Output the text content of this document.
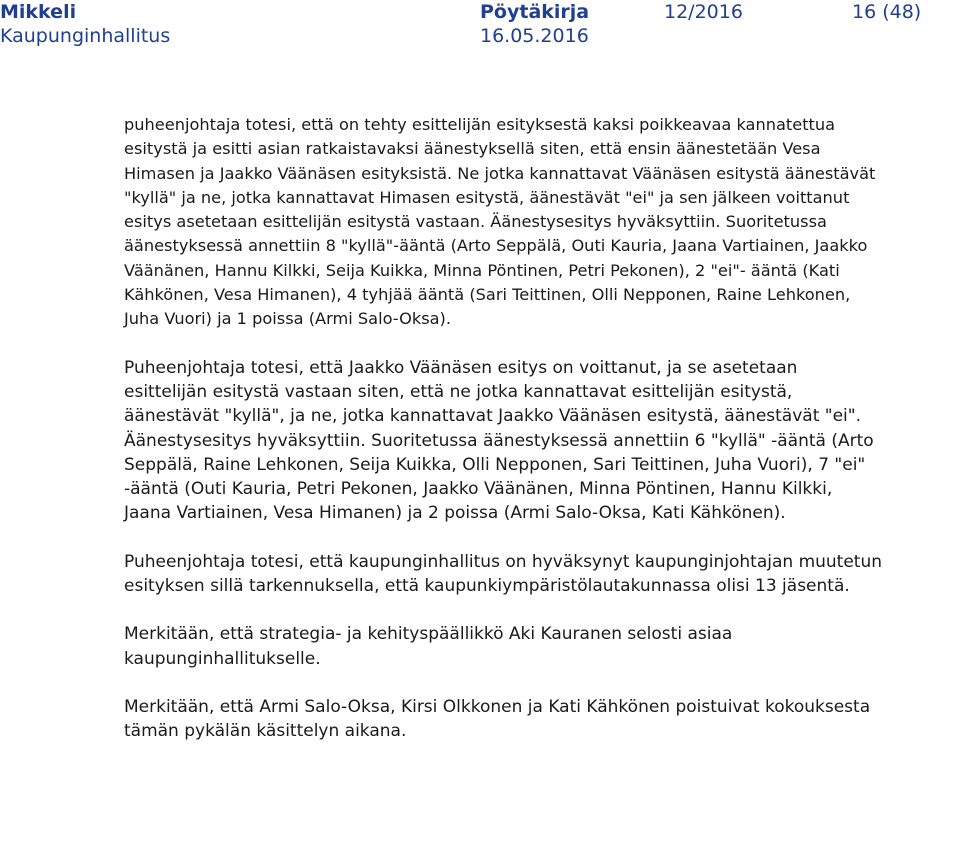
Mikkeli
Kaupunginhallitus
Pöytäkirja
16.05.2016
12/2016	16 (48)

puheenjohtaja totesi, että on tehty esittelijän esityksestä kaksi poikkeavaa kannatettua esitystä ja esitti asian ratkaistavaksi äänestyksellä siten, että ensin äänestetään Vesa Himasen ja Jaakko Väänäsen esityksistä. Ne jotka kannattavat Väänäsen esitystä äänestävät "kyllä" ja ne, jotka kannattavat Himasen esitystä, äänestävät "ei" ja sen jälkeen voittanut esitys asetetaan esittelijän esitystä vastaan. Äänestysesitys hyväksyttiin. Suoritetussa äänestyksessä annettiin 8 "kyllä"-ääntä (Arto Seppälä, Outi Kauria, Jaana Vartiainen, Jaakko Väänänen, Hannu Kilkki, Seija Kuikka, Minna Pöntinen, Petri Pekonen), 2 "ei"- ääntä (Kati Kähkönen, Vesa Himanen), 4 tyhjää ääntä (Sari Teittinen, Olli Nepponen, Raine Lehkonen, Juha Vuori) ja 1 poissa (Armi Salo-Oksa).

Puheenjohtaja totesi, että Jaakko Väänäsen esitys on voittanut, ja se asetetaan esittelijän esitystä vastaan siten, että ne jotka kannattavat esittelijän esitystä, äänestävät "kyllä", ja ne, jotka kannattavat Jaakko Väänäsen esitystä, äänestävät "ei". Äänestysesitys hyväksyttiin. Suoritetussa äänestyksessä annettiin 6 "kyllä" -ääntä (Arto Seppälä, Raine Lehkonen, Seija Kuikka, Olli Nepponen, Sari Teittinen, Juha Vuori), 7 "ei" -ääntä (Outi Kauria, Petri Pekonen, Jaakko Väänänen, Minna Pöntinen, Hannu Kilkki, Jaana Vartiainen, Vesa Himanen) ja 2 poissa (Armi Salo-Oksa, Kati Kähkönen).

Puheenjohtaja totesi, että kaupunginhallitus on hyväksynyt kaupunginjohtajan muutetun esityksen sillä tarkennuksella, että kaupunkiympäristölautakunnassa olisi 13 jäsentä.

Merkitään, että strategia- ja kehityspäällikkö Aki Kauranen selosti asiaa kaupunginhallitukselle.

Merkitään, että Armi Salo-Oksa, Kirsi Olkkonen ja Kati Kähkönen poistuivat kokouksesta tämän pykälän käsittelyn aikana.
